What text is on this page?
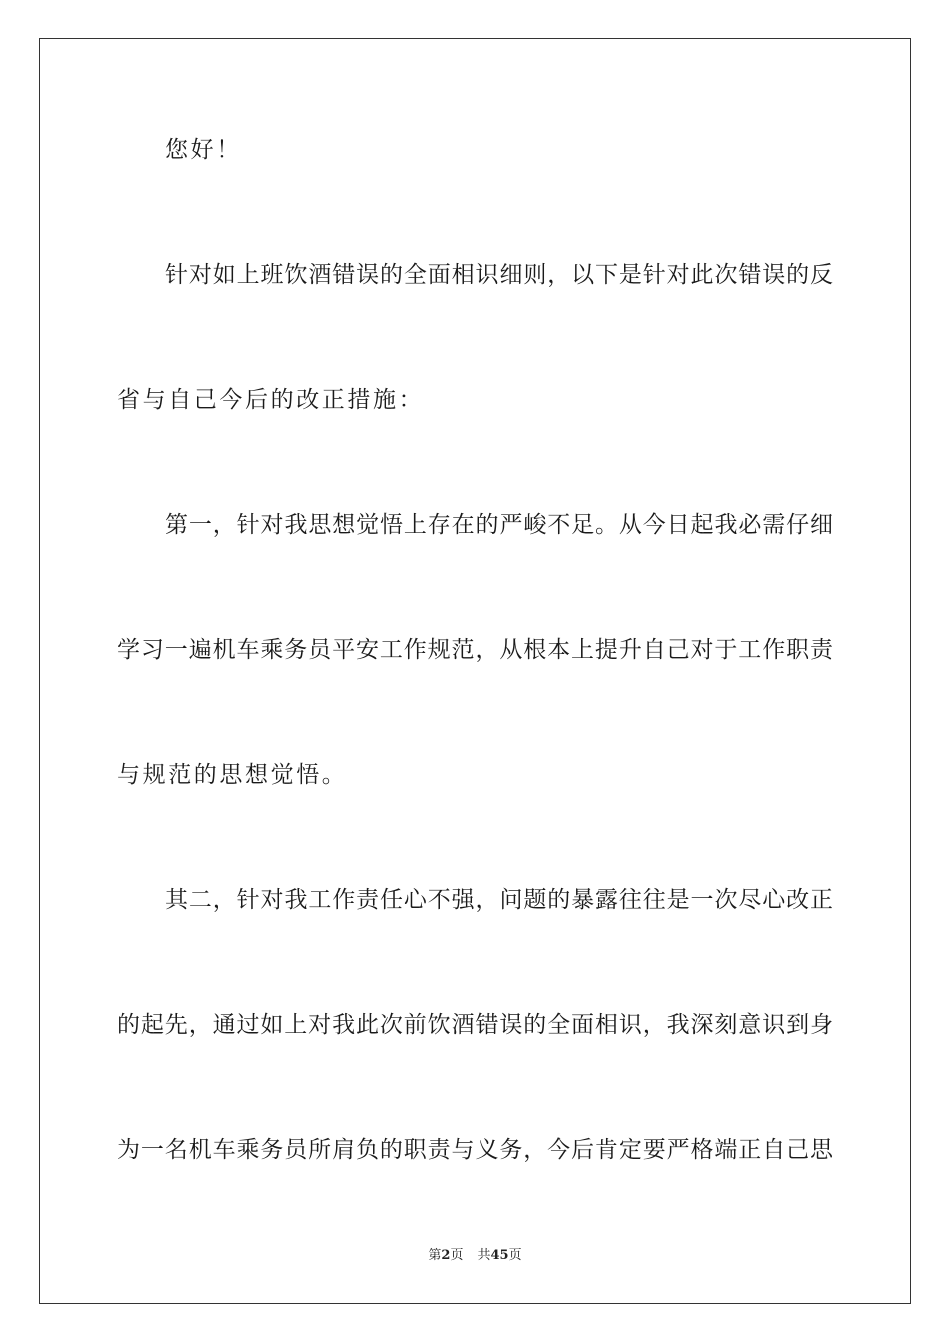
您好！
针对如上班饮酒错误的全面相识细则，以下是针对此次错误的反
省与自己今后的改正措施：
第一，针对我思想觉悟上存在的严峻不足。从今日起我必需仔细
学习一遍机车乘务员平安工作规范，从根本上提升自己对于工作职责
与规范的思想觉悟。
其二，针对我工作责任心不强，问题的暴露往往是一次尽心改正
的起先，通过如上对我此次前饮酒错误的全面相识，我深刻意识到身
为一名机车乘务员所肩负的职责与义务，今后肯定要严格端正自己思
第2页 共45页
